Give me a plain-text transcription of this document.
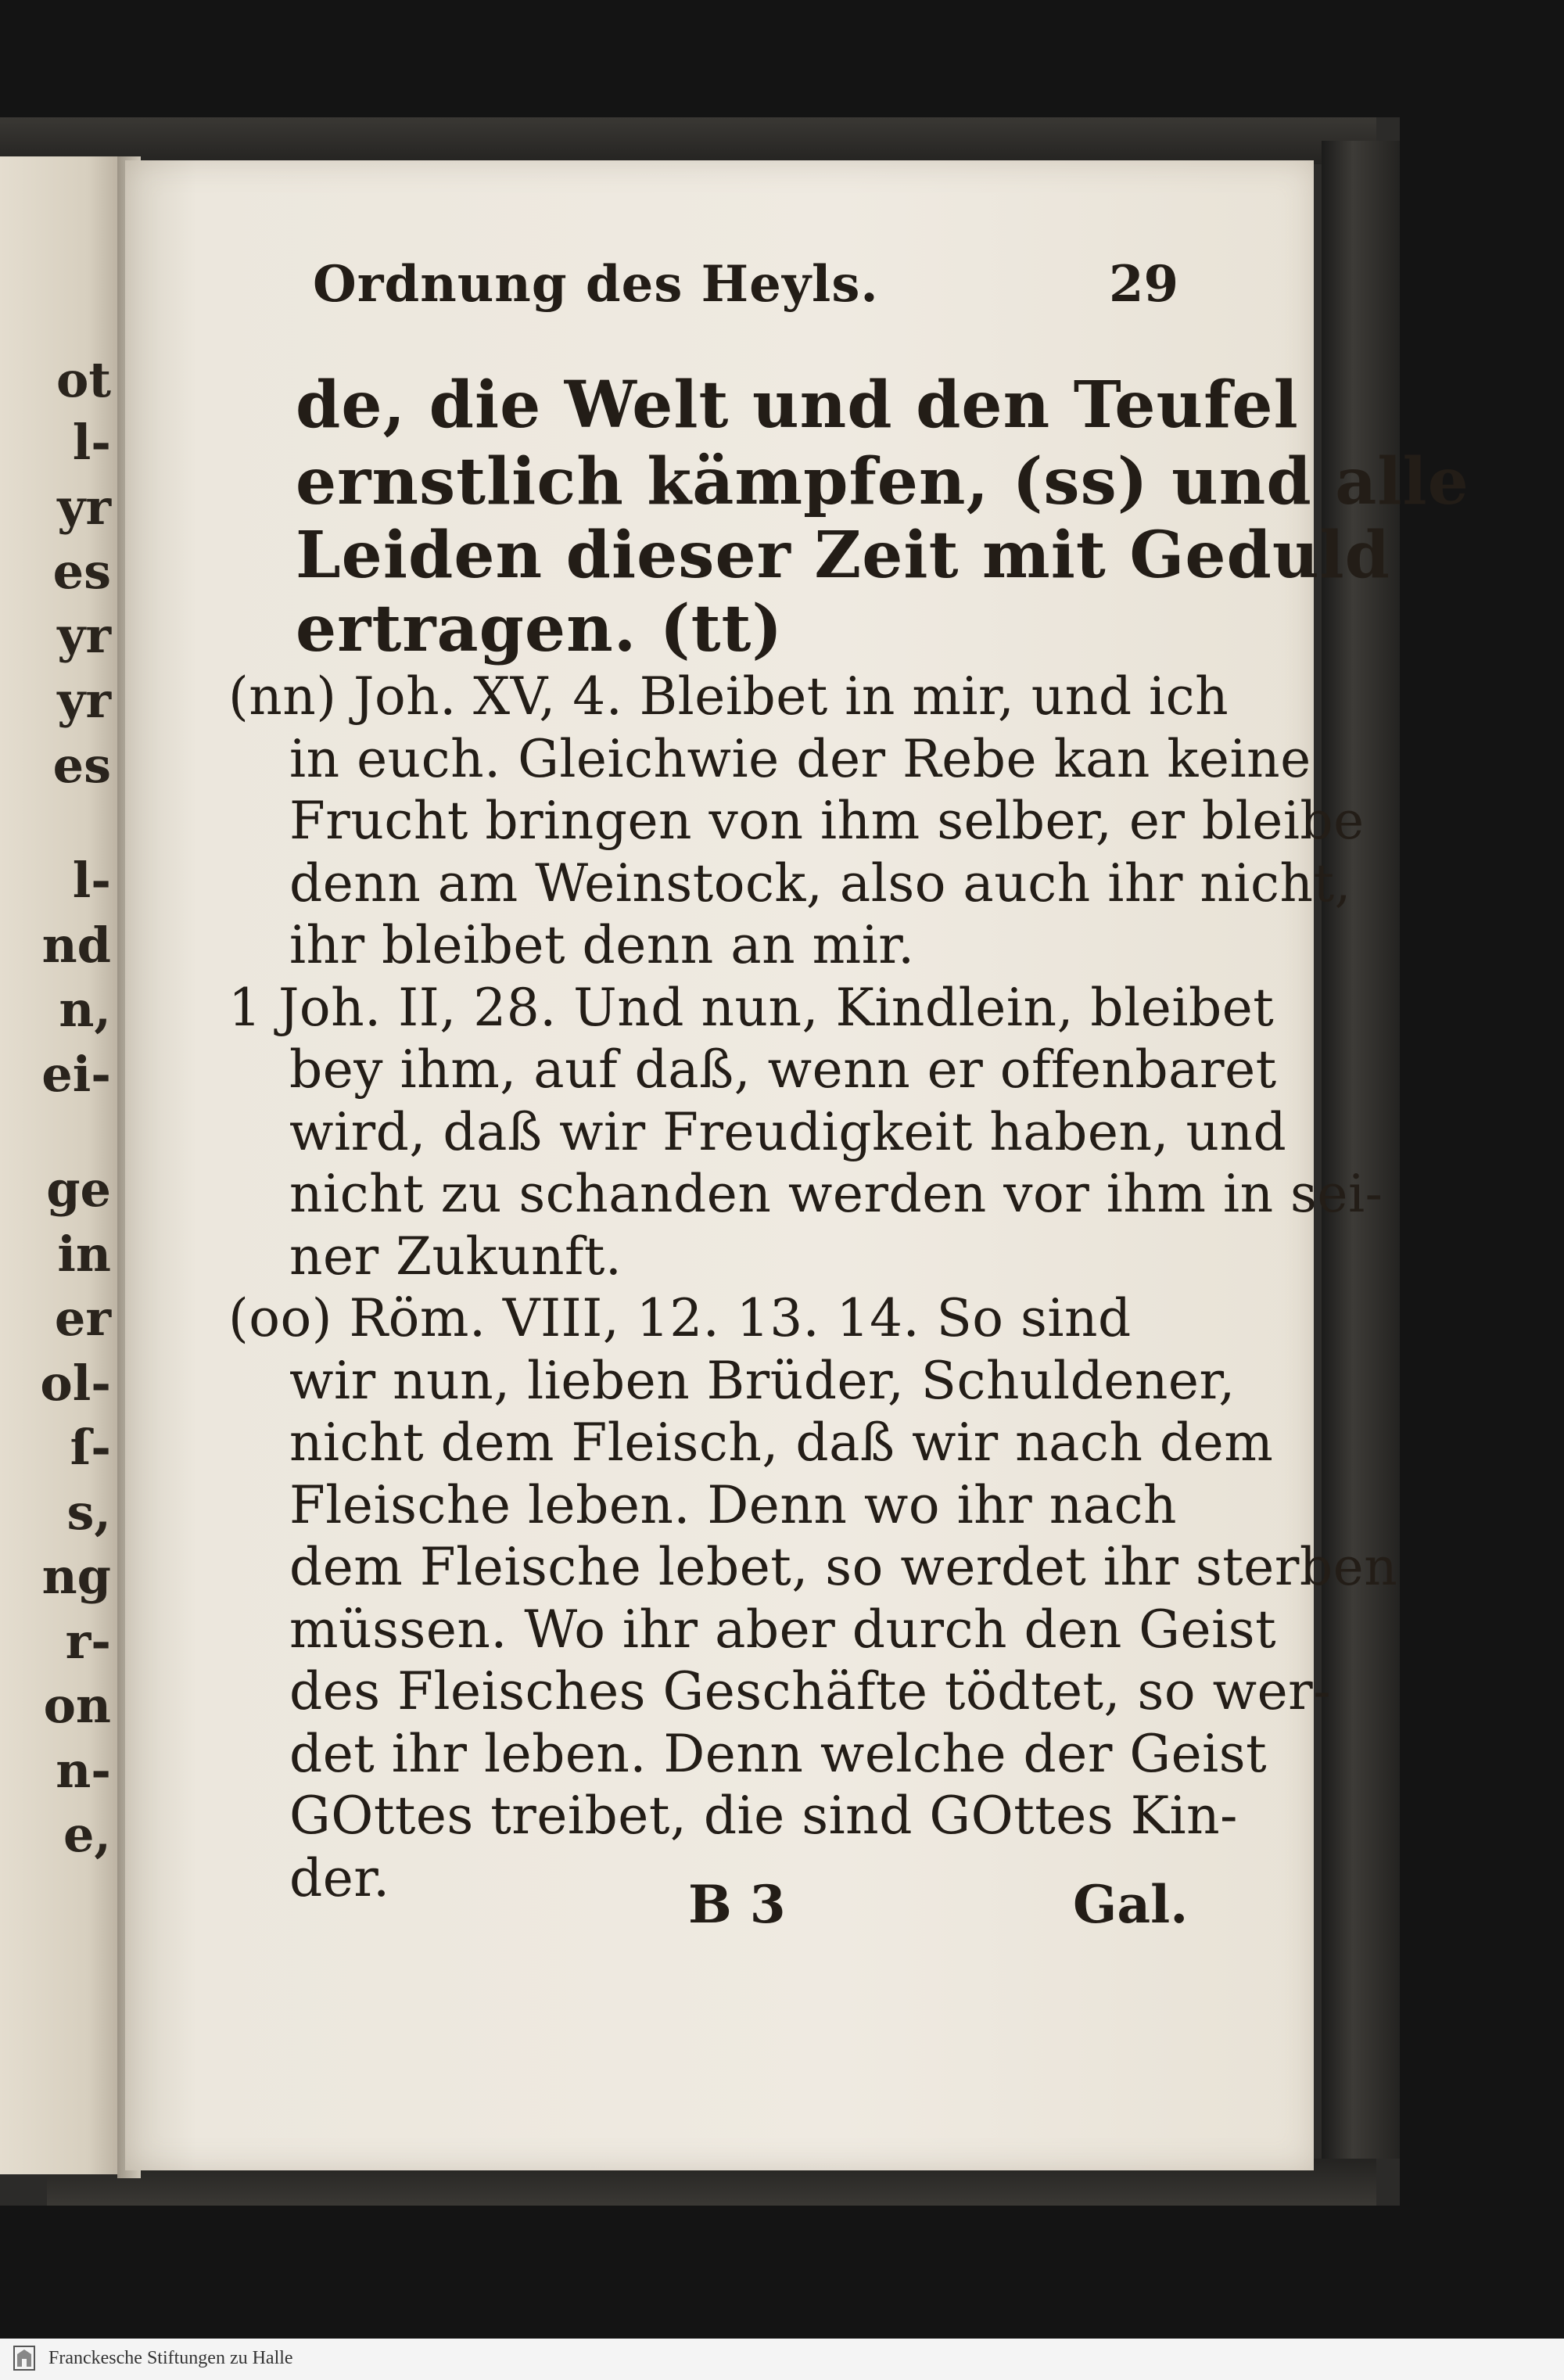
ot
l-
yr
es
yr
yr
es
l-
nd
n,
ei-
ge
in
er
ol-
ſ-
s,
ng
r-
on
n-
e,
Ordnung des Heyls.	29
de, die Welt und den Teufel
ernstlich kämpfen, (ss) und alle
Leiden dieser Zeit mit Geduld
ertragen. (tt)
(nn) Joh. XV, 4. Bleibet in mir, und ich
in euch. Gleichwie der Rebe kan keine
Frucht bringen von ihm selber, er bleibe
denn am Weinstock, also auch ihr nicht,
ihr bleibet denn an mir.
1 Joh. II, 28. Und nun, Kindlein, bleibet
bey ihm, auf daß, wenn er offenbaret
wird, daß wir Freudigkeit haben, und
nicht zu schanden werden vor ihm in sei-
ner Zukunft.
(oo) Röm. VIII, 12. 13. 14. So sind
wir nun, lieben Brüder, Schuldener,
nicht dem Fleisch, daß wir nach dem
Fleische leben. Denn wo ihr nach
dem Fleische lebet, so werdet ihr sterben
müssen. Wo ihr aber durch den Geist
des Fleisches Geschäfte tödtet, so wer-
det ihr leben. Denn welche der Geist
GOttes treibet, die sind GOttes Kin-
der.	B 3	Gal.
Franckesche Stiftungen zu Halle
